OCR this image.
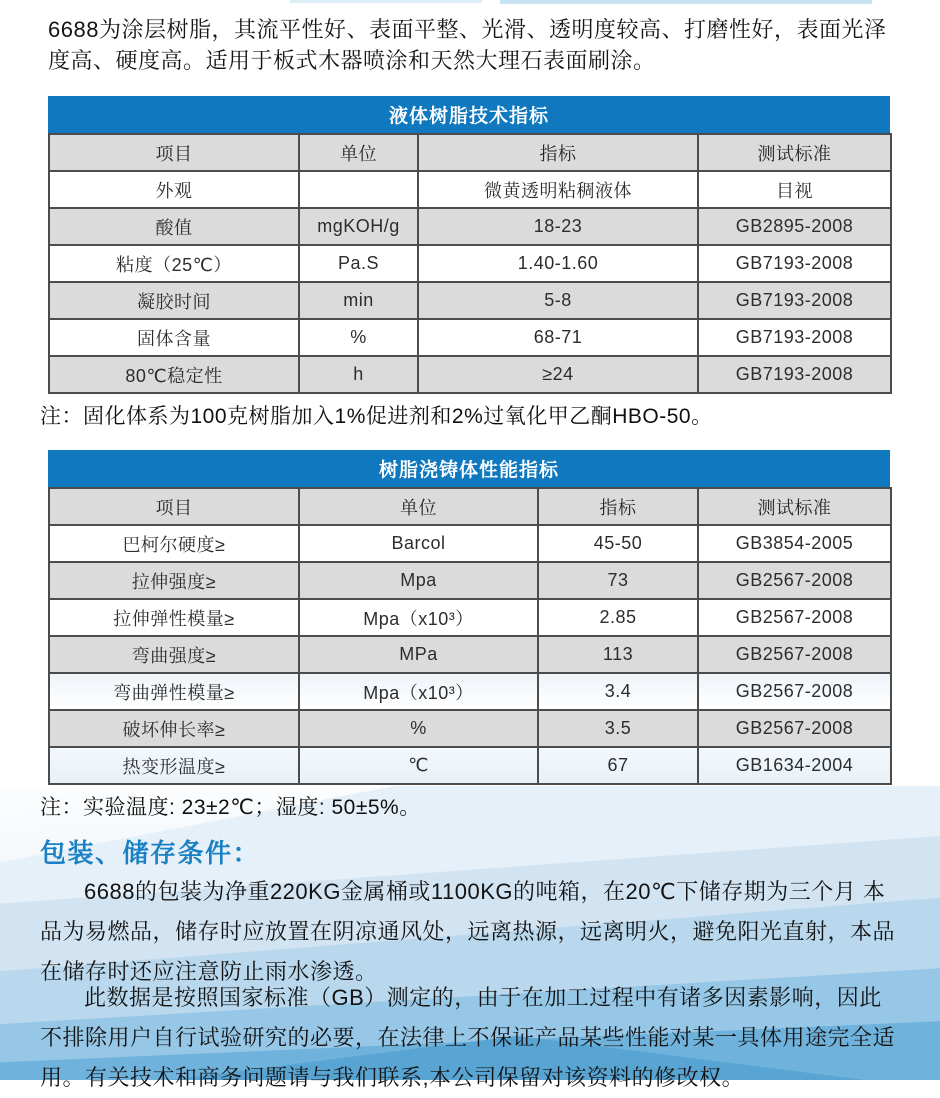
6688为涂层树脂，其流平性好、表面平整、光滑、透明度较高、打磨性好，表面光泽度高、硬度高。适用于板式木器喷涂和天然大理石表面刷涂。

液体树脂技术指标
项目	单位	指标	测试标准
外观		微黄透明粘稠液体	目视
酸值	mgKOH/g	18-23	GB2895-2008
粘度（25℃）	Pa.S	1.40-1.60	GB7193-2008
凝胶时间	min	5-8	GB7193-2008
固体含量	%	68-71	GB7193-2008
80℃稳定性	h	≥24	GB7193-2008

注：固化体系为100克树脂加入1%促进剂和2%过氧化甲乙酮HBO-50。

树脂浇铸体性能指标
项目	单位	指标	测试标准
巴柯尔硬度≥	Barcol	45-50	GB3854-2005
拉伸强度≥	Mpa	73	GB2567-2008
拉伸弹性模量≥	Mpa（x10³）	2.85	GB2567-2008
弯曲强度≥	MPa	113	GB2567-2008
弯曲弹性模量≥	Mpa（x10³）	3.4	GB2567-2008
破坏伸长率≥	%	3.5	GB2567-2008
热变形温度≥	℃	67	GB1634-2004

注：实验温度: 23±2℃；湿度: 50±5%。

包装、储存条件：

6688的包装为净重220KG金属桶或1100KG的吨箱，在20℃下储存期为三个月 本品为易燃品，储存时应放置在阴凉通风处，远离热源，远离明火，避免阳光直射，本品在储存时还应注意防止雨水渗透。

此数据是按照国家标准（GB）测定的，由于在加工过程中有诸多因素影响，因此不排除用户自行试验研究的必要，在法律上不保证产品某些性能对某一具体用途完全适用。有关技术和商务问题请与我们联系,本公司保留对该资料的修改权。
